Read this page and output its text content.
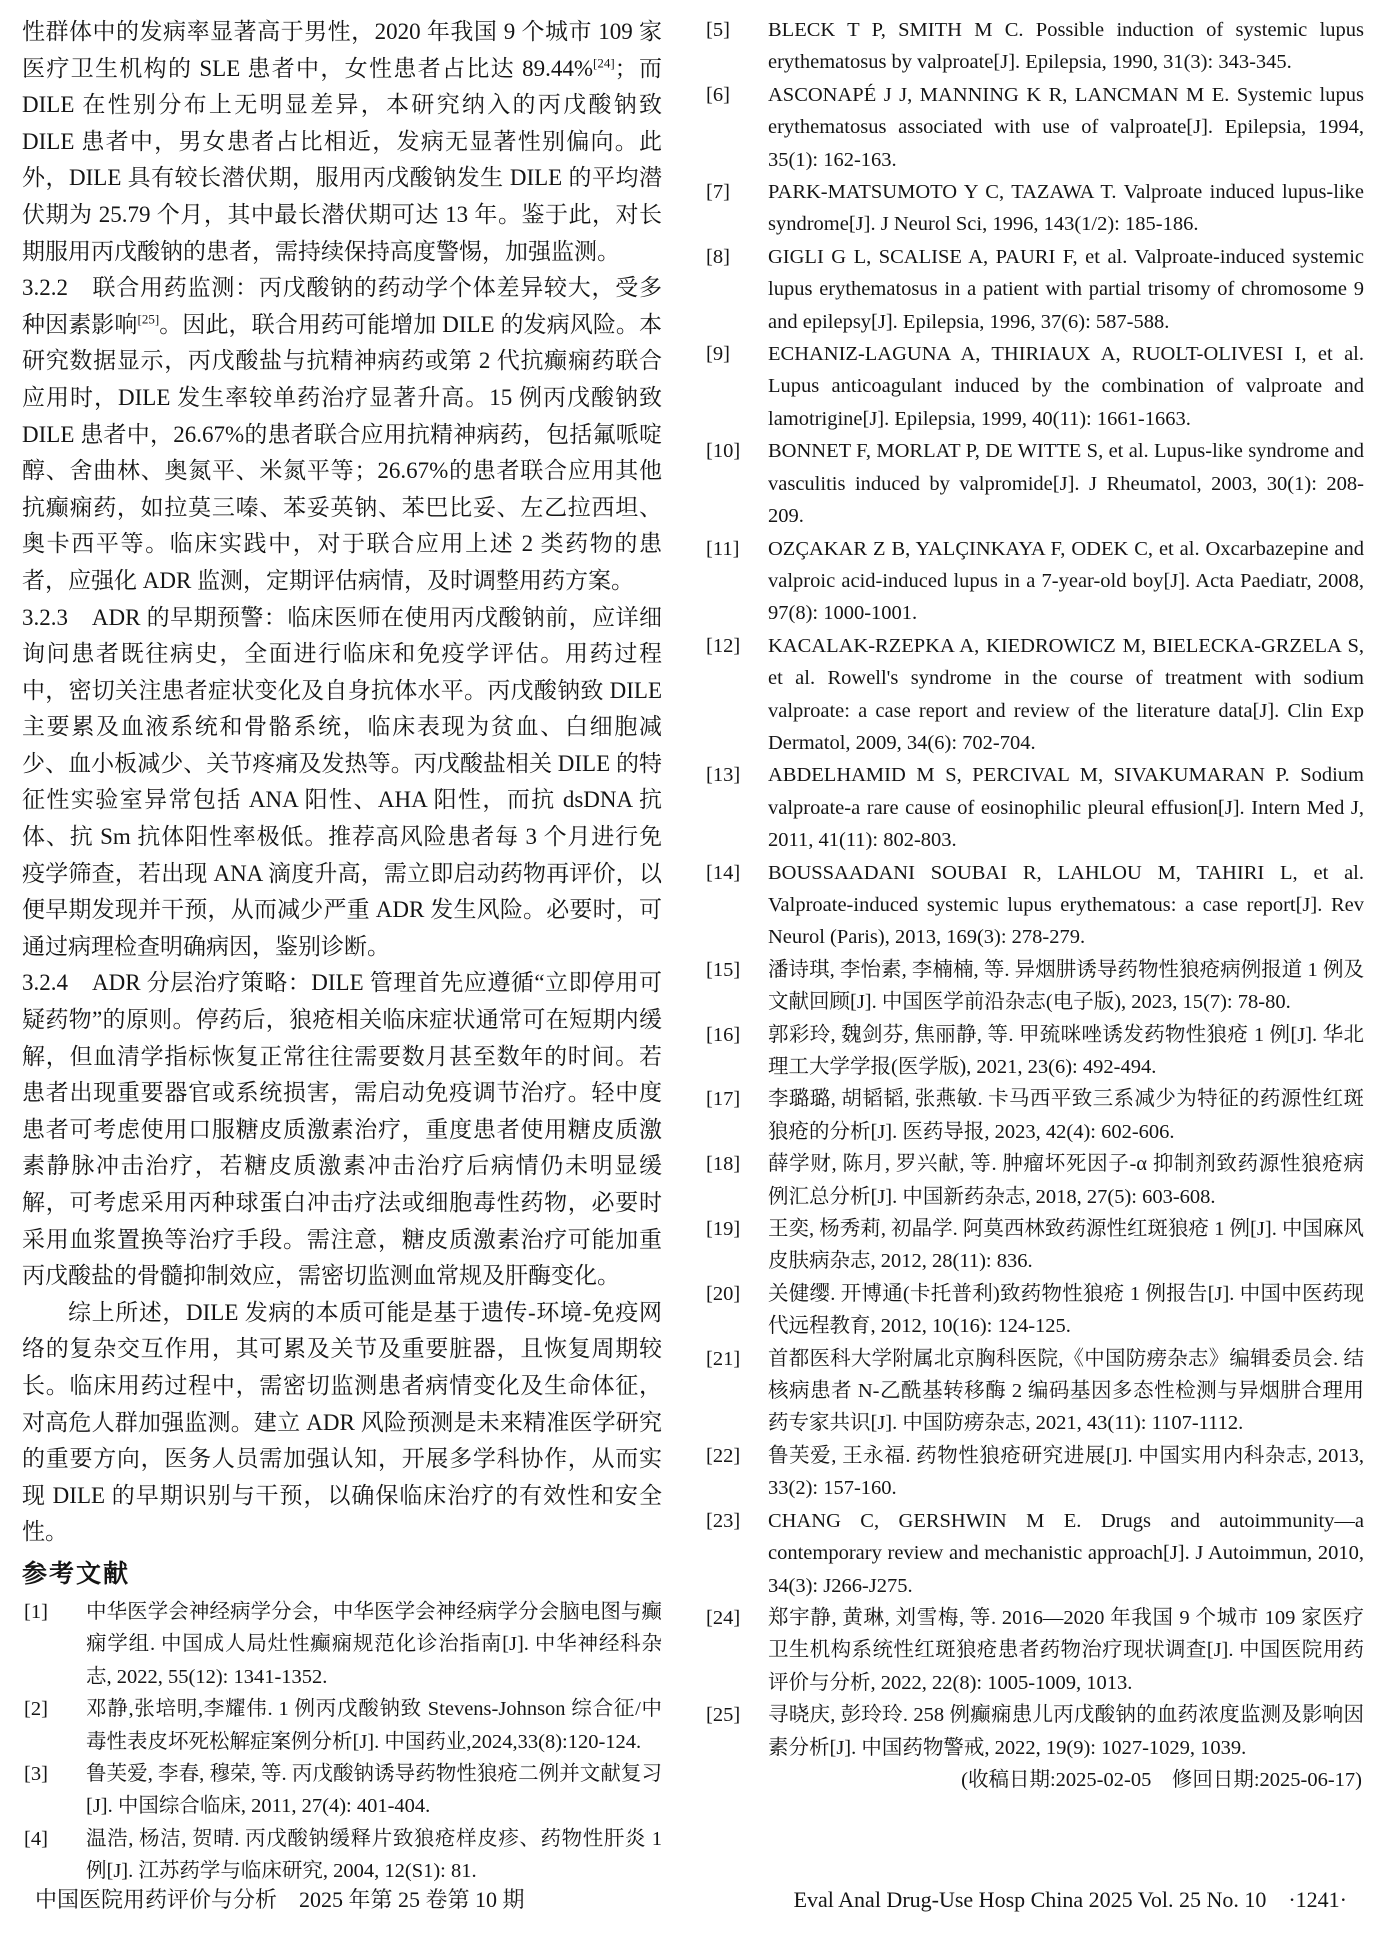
性群体中的发病率显著高于男性，2020 年我国 9 个城市 109 家医疗卫生机构的 SLE 患者中，女性患者占比达 89.44%[24]；而 DILE 在性别分布上无明显差异，本研究纳入的丙戊酸钠致 DILE 患者中，男女患者占比相近，发病无显著性别偏向。此外，DILE 具有较长潜伏期，服用丙戊酸钠发生 DILE 的平均潜伏期为 25.79 个月，其中最长潜伏期可达 13 年。鉴于此，对长期服用丙戊酸钠的患者，需持续保持高度警惕，加强监测。

3.2.2　联合用药监测：丙戊酸钠的药动学个体差异较大，受多种因素影响[25]。因此，联合用药可能增加 DILE 的发病风险。本研究数据显示，丙戊酸盐与抗精神病药或第 2 代抗癫痫药联合应用时，DILE 发生率较单药治疗显著升高。15 例丙戊酸钠致 DILE 患者中，26.67%的患者联合应用抗精神病药，包括氟哌啶醇、舍曲林、奥氮平、米氮平等；26.67%的患者联合应用其他抗癫痫药，如拉莫三嗪、苯妥英钠、苯巴比妥、左乙拉西坦、奥卡西平等。临床实践中，对于联合应用上述 2 类药物的患者，应强化 ADR 监测，定期评估病情，及时调整用药方案。

3.2.3　ADR 的早期预警：临床医师在使用丙戊酸钠前，应详细询问患者既往病史，全面进行临床和免疫学评估。用药过程中，密切关注患者症状变化及自身抗体水平。丙戊酸钠致 DILE 主要累及血液系统和骨骼系统，临床表现为贫血、白细胞减少、血小板减少、关节疼痛及发热等。丙戊酸盐相关 DILE 的特征性实验室异常包括 ANA 阳性、AHA 阳性，而抗 dsDNA 抗体、抗 Sm 抗体阳性率极低。推荐高风险患者每 3 个月进行免疫学筛查，若出现 ANA 滴度升高，需立即启动药物再评价，以便早期发现并干预，从而减少严重 ADR 发生风险。必要时，可通过病理检查明确病因，鉴别诊断。

3.2.4　ADR 分层治疗策略：DILE 管理首先应遵循“立即停用可疑药物”的原则。停药后，狼疮相关临床症状通常可在短期内缓解，但血清学指标恢复正常往往需要数月甚至数年的时间。若患者出现重要器官或系统损害，需启动免疫调节治疗。轻中度患者可考虑使用口服糖皮质激素治疗，重度患者使用糖皮质激素静脉冲击治疗，若糖皮质激素冲击治疗后病情仍未明显缓解，可考虑采用丙种球蛋白冲击疗法或细胞毒性药物，必要时采用血浆置换等治疗手段。需注意，糖皮质激素治疗可能加重丙戊酸盐的骨髓抑制效应，需密切监测血常规及肝酶变化。

综上所述，DILE 发病的本质可能是基于遗传-环境-免疫网络的复杂交互作用，其可累及关节及重要脏器，且恢复周期较长。临床用药过程中，需密切监测患者病情变化及生命体征，对高危人群加强监测。建立 ADR 风险预测是未来精准医学研究的重要方向，医务人员需加强认知，开展多学科协作，从而实现 DILE 的早期识别与干预，以确保临床治疗的有效性和安全性。

参考文献
[1] 中华医学会神经病学分会，中华医学会神经病学分会脑电图与癫痫学组. 中国成人局灶性癫痫规范化诊治指南[J]. 中华神经科杂志, 2022, 55(12): 1341-1352.
[2] 邓静,张培明,李耀伟. 1 例丙戊酸钠致 Stevens-Johnson 综合征/中毒性表皮坏死松解症案例分析[J]. 中国药业,2024,33(8):120-124.
[3] 鲁芙爱, 李春, 穆荣, 等. 丙戊酸钠诱导药物性狼疮二例并文献复习[J]. 中国综合临床, 2011, 27(4): 401-404.
[4] 温浩, 杨洁, 贺晴. 丙戊酸钠缓释片致狼疮样皮疹、药物性肝炎 1 例[J]. 江苏药学与临床研究, 2004, 12(S1): 81.
[5] BLECK T P, SMITH M C. Possible induction of systemic lupus erythematosus by valproate[J]. Epilepsia, 1990, 31(3): 343-345.
[6] ASCONAPÉ J J, MANNING K R, LANCMAN M E. Systemic lupus erythematosus associated with use of valproate[J]. Epilepsia, 1994, 35(1): 162-163.
[7] PARK-MATSUMOTO Y C, TAZAWA T. Valproate induced lupus-like syndrome[J]. J Neurol Sci, 1996, 143(1/2): 185-186.
[8] GIGLI G L, SCALISE A, PAURI F, et al. Valproate-induced systemic lupus erythematosus in a patient with partial trisomy of chromosome 9 and epilepsy[J]. Epilepsia, 1996, 37(6): 587-588.
[9] ECHANIZ-LAGUNA A, THIRIAUX A, RUOLT-OLIVESI I, et al. Lupus anticoagulant induced by the combination of valproate and lamotrigine[J]. Epilepsia, 1999, 40(11): 1661-1663.
[10] BONNET F, MORLAT P, DE WITTE S, et al. Lupus-like syndrome and vasculitis induced by valpromide[J]. J Rheumatol, 2003, 30(1): 208-209.
[11] OZÇAKAR Z B, YALÇINKAYA F, ODEK C, et al. Oxcarbazepine and valproic acid-induced lupus in a 7-year-old boy[J]. Acta Paediatr, 2008, 97(8): 1000-1001.
[12] KACALAK-RZEPKA A, KIEDROWICZ M, BIELECKA-GRZELA S, et al. Rowell's syndrome in the course of treatment with sodium valproate: a case report and review of the literature data[J]. Clin Exp Dermatol, 2009, 34(6): 702-704.
[13] ABDELHAMID M S, PERCIVAL M, SIVAKUMARAN P. Sodium valproate-a rare cause of eosinophilic pleural effusion[J]. Intern Med J, 2011, 41(11): 802-803.
[14] BOUSSAADANI SOUBAI R, LAHLOU M, TAHIRI L, et al. Valproate-induced systemic lupus erythematous: a case report[J]. Rev Neurol (Paris), 2013, 169(3): 278-279.
[15] 潘诗琪, 李怡素, 李楠楠, 等. 异烟肼诱导药物性狼疮病例报道 1 例及文献回顾[J]. 中国医学前沿杂志(电子版), 2023, 15(7): 78-80.
[16] 郭彩玲, 魏剑芬, 焦丽静, 等. 甲巯咪唑诱发药物性狼疮 1 例[J]. 华北理工大学学报(医学版), 2021, 23(6): 492-494.
[17] 李璐璐, 胡韬韬, 张燕敏. 卡马西平致三系减少为特征的药源性红斑狼疮的分析[J]. 医药导报, 2023, 42(4): 602-606.
[18] 薛学财, 陈月, 罗兴献, 等. 肿瘤坏死因子-α 抑制剂致药源性狼疮病例汇总分析[J]. 中国新药杂志, 2018, 27(5): 603-608.
[19] 王奕, 杨秀莉, 初晶学. 阿莫西林致药源性红斑狼疮 1 例[J]. 中国麻风皮肤病杂志, 2012, 28(11): 836.
[20] 关健缨. 开博通(卡托普利)致药物性狼疮 1 例报告[J]. 中国中医药现代远程教育, 2012, 10(16): 124-125.
[21] 首都医科大学附属北京胸科医院,《中国防痨杂志》编辑委员会. 结核病患者 N-乙酰基转移酶 2 编码基因多态性检测与异烟肼合理用药专家共识[J]. 中国防痨杂志, 2021, 43(11): 1107-1112.
[22] 鲁芙爱, 王永福. 药物性狼疮研究进展[J]. 中国实用内科杂志, 2013, 33(2): 157-160.
[23] CHANG C, GERSHWIN M E. Drugs and autoimmunity—a contemporary review and mechanistic approach[J]. J Autoimmun, 2010, 34(3): J266-J275.
[24] 郑宇静, 黄琳, 刘雪梅, 等. 2016—2020 年我国 9 个城市 109 家医疗卫生机构系统性红斑狼疮患者药物治疗现状调查[J]. 中国医院用药评价与分析, 2022, 22(8): 1005-1009, 1013.
[25] 寻晓庆, 彭玲玲. 258 例癫痫患儿丙戊酸钠的血药浓度监测及影响因素分析[J]. 中国药物警戒, 2022, 19(9): 1027-1029, 1039.
(收稿日期:2025-02-05　修回日期:2025-06-17)
中国医院用药评价与分析　2025 年第 25 卷第 10 期	Eval Anal Drug-Use Hosp China 2025 Vol. 25 No. 10　·1241·
